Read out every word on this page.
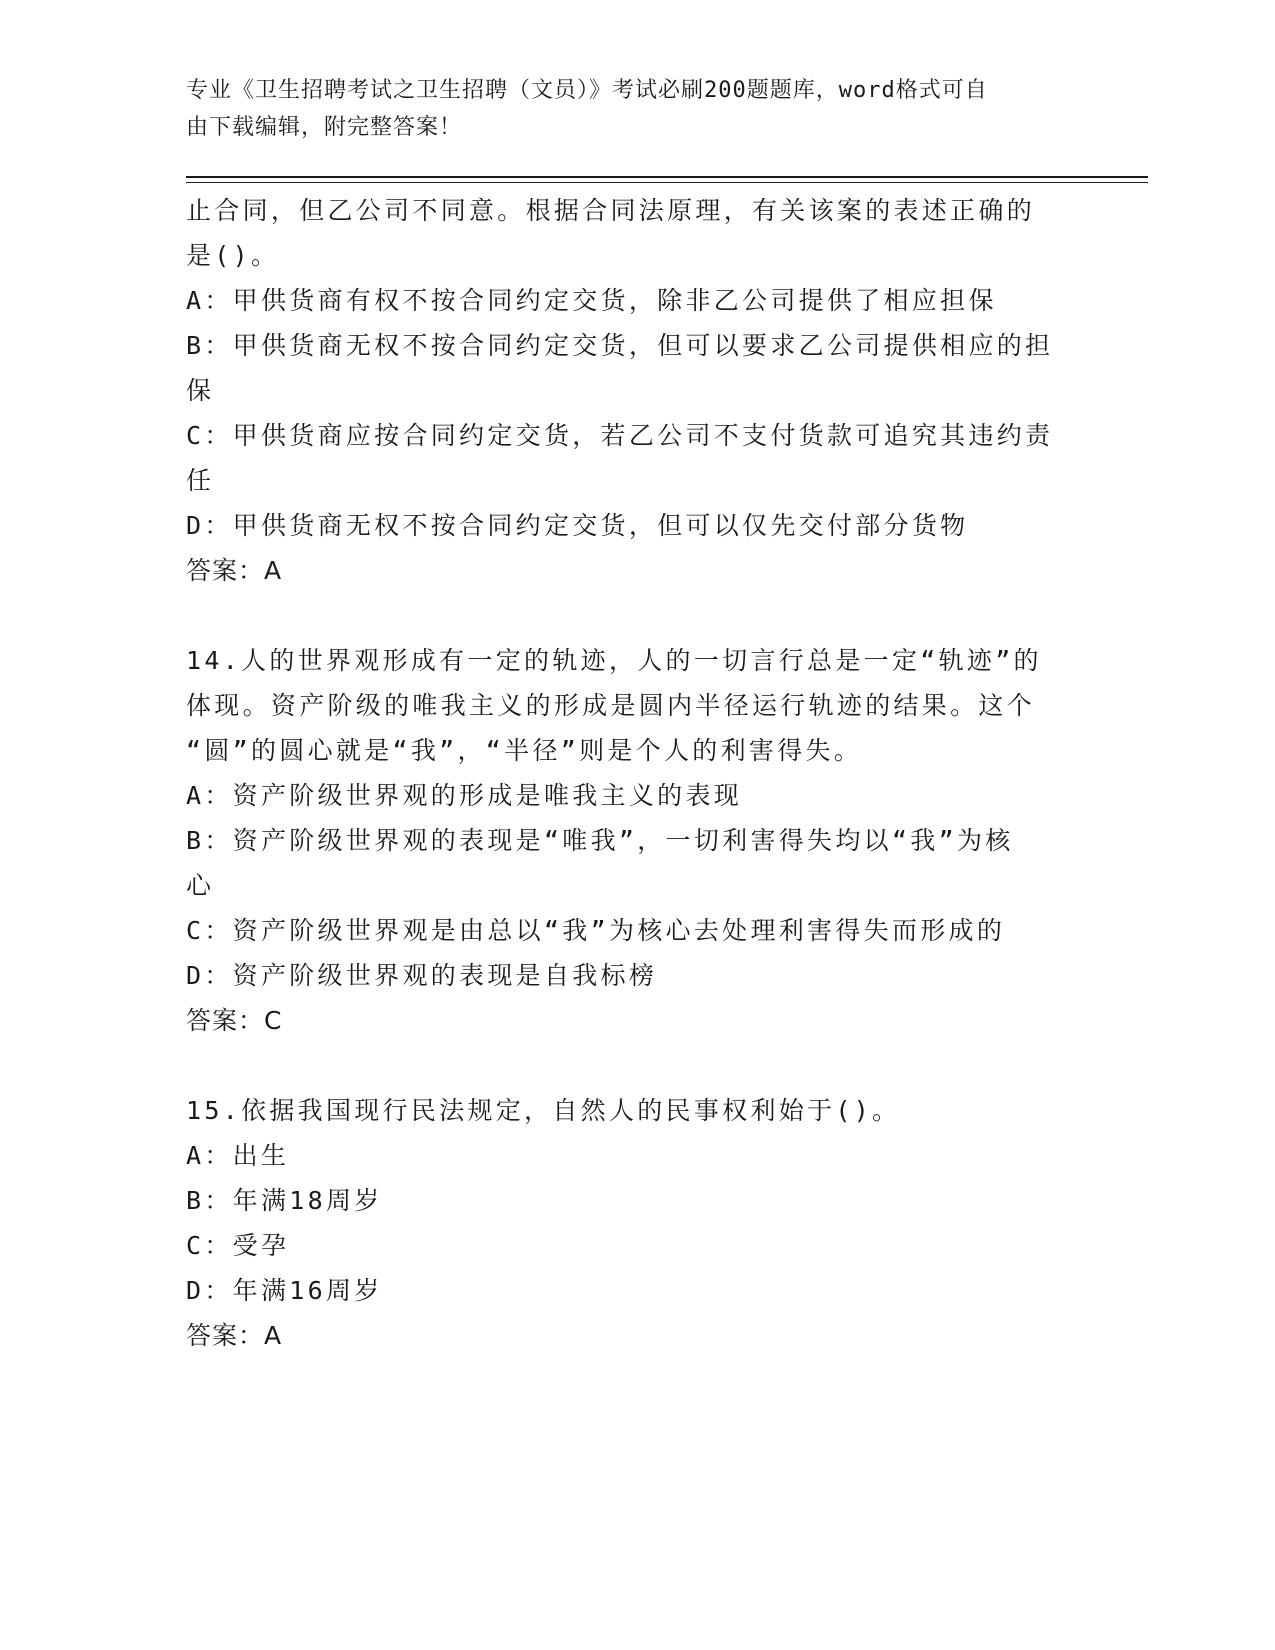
专业《卫生招聘考试之卫生招聘（文员）》考试必刷200题题库，word格式可自
由下载编辑，附完整答案！
止合同，但乙公司不同意。根据合同法原理，有关该案的表述正确的
是()。
A：甲供货商有权不按合同约定交货，除非乙公司提供了相应担保
B：甲供货商无权不按合同约定交货，但可以要求乙公司提供相应的担
保
C：甲供货商应按合同约定交货，若乙公司不支付货款可追究其违约责
任
D：甲供货商无权不按合同约定交货，但可以仅先交付部分货物
答案：A
14.人的世界观形成有一定的轨迹，人的一切言行总是一定“轨迹”的
体现。资产阶级的唯我主义的形成是圆内半径运行轨迹的结果。这个
“圆”的圆心就是“我”，“半径”则是个人的利害得失。
A：资产阶级世界观的形成是唯我主义的表现
B：资产阶级世界观的表现是“唯我”，一切利害得失均以“我”为核
心
C：资产阶级世界观是由总以“我”为核心去处理利害得失而形成的
D：资产阶级世界观的表现是自我标榜
答案：C
15.依据我国现行民法规定，自然人的民事权利始于()。
A：出生
B：年满18周岁
C：受孕
D：年满16周岁
答案：A
